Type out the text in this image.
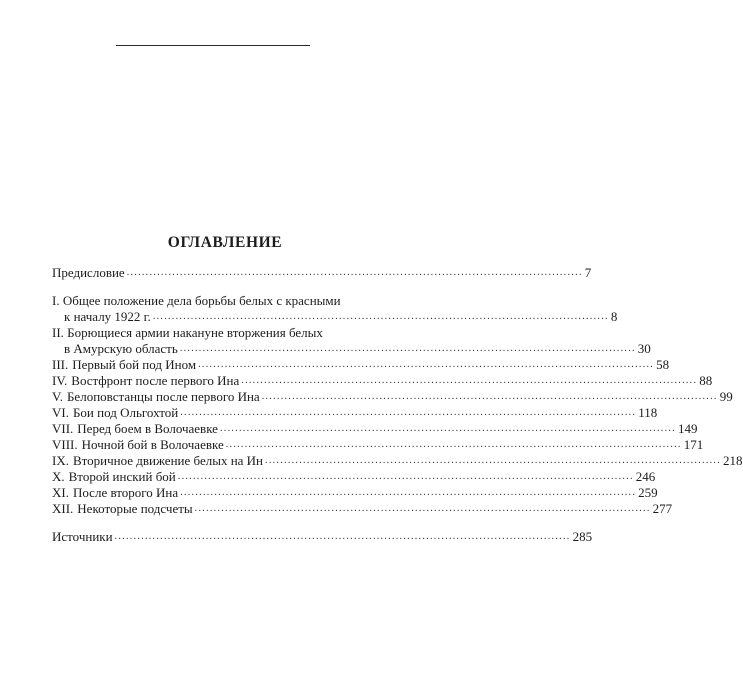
ОГЛАВЛЕНИЕ
Предисловие ........................................................................................................................ 7
I. Общее положение дела борьбы белых с красными
к началу 1922 г. ........................................................................................................................ 8
II. Борющиеся армии накануне вторжения белых
в Амурскую область ........................................................................................................................ 30
III. Первый бой под Ином ........................................................................................................................ 58
IV. Востфронт после первого Ина ........................................................................................................................ 88
V. Белоповстанцы после первого Ина ........................................................................................................................ 99
VI. Бои под Ольгохтой ........................................................................................................................ 118
VII. Перед боем в Волочаевке ........................................................................................................................ 149
VIII. Ночной бой в Волочаевке ........................................................................................................................ 171
IX. Вторичное движение белых на Ин ........................................................................................................................ 218
X. Второй инский бой ........................................................................................................................ 246
XI. После второго Ина ........................................................................................................................ 259
XII. Некоторые подсчеты ........................................................................................................................ 277
Источники ........................................................................................................................ 285
